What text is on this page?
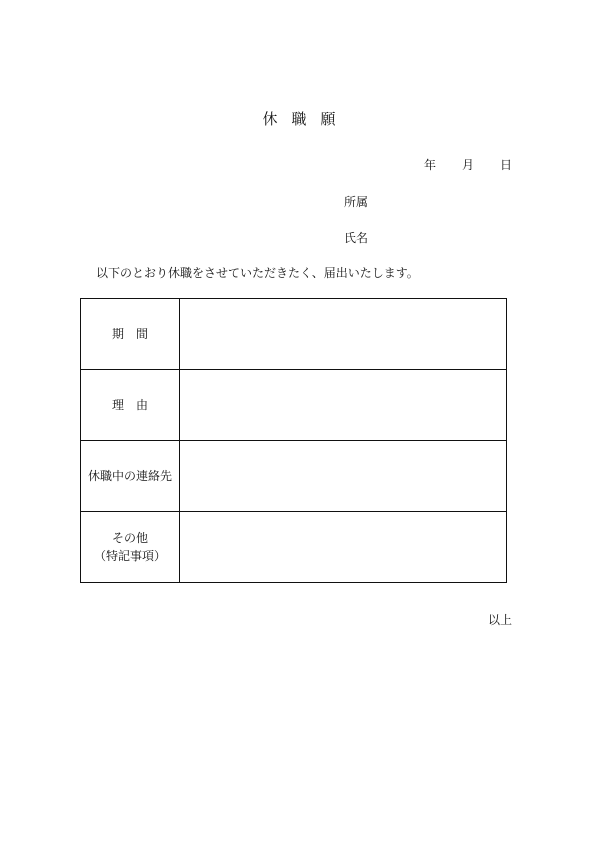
休職願
年 月 日
所属
氏名
以下のとおり休職をさせていただきたく、届出いたします。
期　間	
理　由	
休職中の連絡先	
その他
（特記事項）	
以上
